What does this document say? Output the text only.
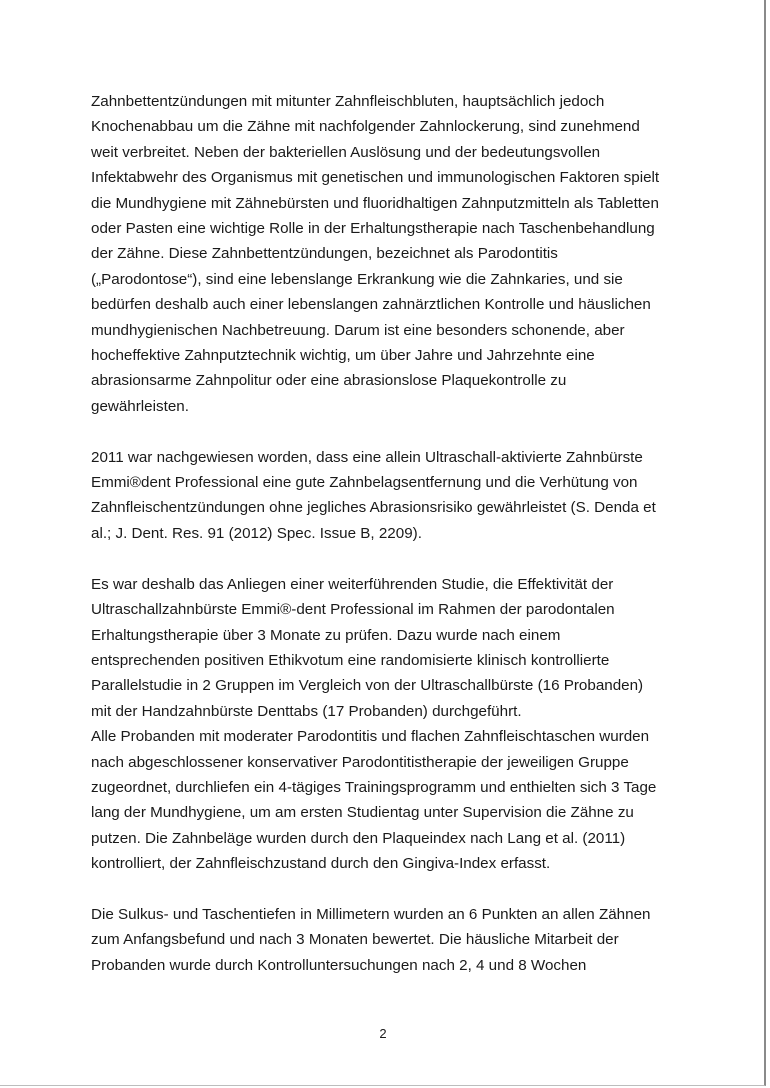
Zahnbettentzündungen mit mitunter Zahnfleischbluten, hauptsächlich jedoch
Knochenabbau um die Zähne mit nachfolgender Zahnlockerung, sind zunehmend
weit verbreitet. Neben der bakteriellen Auslösung und der bedeutungsvollen
Infektabwehr des Organismus mit genetischen und immunologischen Faktoren spielt
die Mundhygiene mit Zähnebürsten und fluoridhaltigen Zahnputzmitteln als Tabletten
oder Pasten eine wichtige Rolle in der Erhaltungstherapie nach Taschenbehandlung
der Zähne. Diese Zahnbettentzündungen, bezeichnet als Parodontitis
(„Parodontose“), sind eine lebenslange Erkrankung wie die Zahnkaries, und sie
bedürfen deshalb auch einer lebenslangen zahnärztlichen Kontrolle und häuslichen
mundhygienischen Nachbetreuung. Darum ist eine besonders schonende, aber
hocheffektive Zahnputztechnik wichtig, um über Jahre und Jahrzehnte eine
abrasionsarme Zahnpolitur oder eine abrasionslose Plaquekontrolle zu
gewährleisten.

2011 war nachgewiesen worden, dass eine allein Ultraschall-aktivierte Zahnbürste
Emmi®dent Professional eine gute Zahnbelagsentfernung und die Verhütung von
Zahnfleischentzündungen ohne jegliches Abrasionsrisiko gewährleistet (S. Denda et
al.; J. Dent. Res. 91 (2012) Spec. Issue B, 2209).

Es war deshalb das Anliegen einer weiterführenden Studie, die Effektivität der
Ultraschallzahnbürste Emmi®-dent Professional im Rahmen der parodontalen
Erhaltungstherapie über 3 Monate zu prüfen. Dazu wurde nach einem
entsprechenden positiven Ethikvotum eine randomisierte klinisch kontrollierte
Parallelstudie in 2 Gruppen im Vergleich von der Ultraschallbürste (16 Probanden)
mit der Handzahnbürste Denttabs (17 Probanden) durchgeführt.

Alle Probanden mit moderater Parodontitis und flachen Zahnfleischtaschen wurden
nach abgeschlossener konservativer Parodontitistherapie der jeweiligen Gruppe
zugeordnet, durchliefen ein 4-tägiges Trainingsprogramm und enthielten sich 3 Tage
lang der Mundhygiene, um am ersten Studientag unter Supervision die Zähne zu
putzen. Die Zahnbeläge wurden durch den Plaqueindex nach Lang et al. (2011)
kontrolliert, der Zahnfleischzustand durch den Gingiva-Index erfasst.

Die Sulkus- und Taschentiefen in Millimetern wurden an 6 Punkten an allen Zähnen
zum Anfangsbefund und nach 3 Monaten bewertet. Die häusliche Mitarbeit der
Probanden wurde durch Kontrolluntersuchungen nach 2, 4 und 8 Wochen

2
